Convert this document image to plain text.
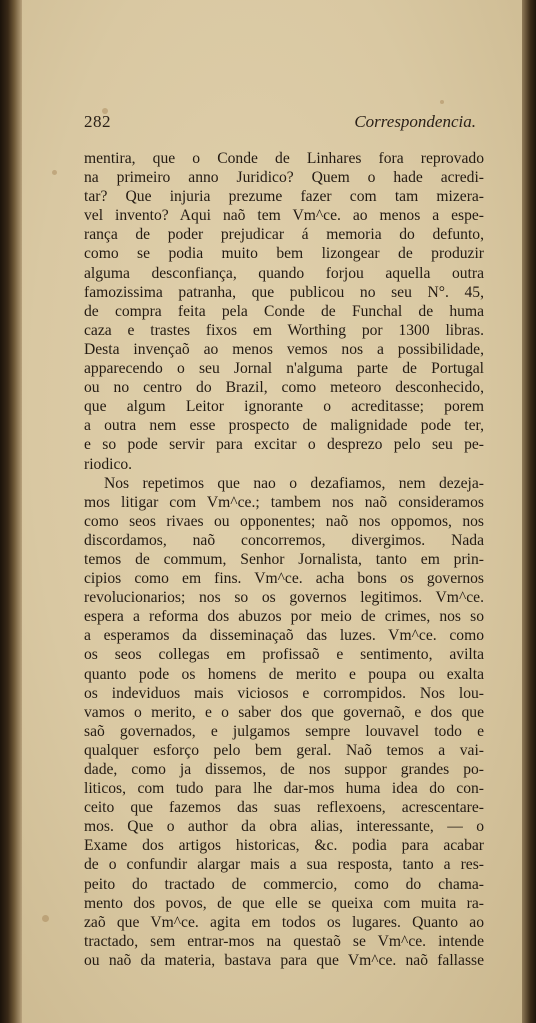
282	Correspondencia.
mentira, que o Conde de Linhares fora reprovado
na primeiro anno Juridico? Quem o hade acredi-
tar? Que injuria prezume fazer com tam mizera-
vel invento? Aqui naõ tem Vm^ce. ao menos a espe-
rança de poder prejudicar á memoria do defunto,
como se podia muito bem lizongear de produzir
alguma desconfiança, quando forjou aquella outra
famozissima patranha, que publicou no seu N°. 45,
de compra feita pela Conde de Funchal de huma
caza e trastes fixos em Worthing por 1300 libras.
Desta invençaõ ao menos vemos nos a possibilidade,
apparecendo o seu Jornal n'alguma parte de Portugal
ou no centro do Brazil, como meteoro desconhecido,
que algum Leitor ignorante o acreditasse; porem
a outra nem esse prospecto de malignidade pode ter,
e so pode servir para excitar o desprezo pelo seu pe-
riodico.
Nos repetimos que nao o dezafiamos, nem dezeja-
mos litigar com Vm^ce.; tambem nos naõ consideramos
como seos rivaes ou opponentes; naõ nos oppomos, nos
discordamos, naõ concorremos, divergimos. Nada
temos de commum, Senhor Jornalista, tanto em prin-
cipios como em fins. Vm^ce. acha bons os governos
revolucionarios; nos so os governos legitimos. Vm^ce.
espera a reforma dos abuzos por meio de crimes, nos so
a esperamos da disseminaçaõ das luzes. Vm^ce. como
os seos collegas em profissaõ e sentimento, avilta
quanto pode os homens de merito e poupa ou exalta
os indeviduos mais viciosos e corrompidos. Nos lou-
vamos o merito, e o saber dos que governaõ, e dos que
saõ governados, e julgamos sempre louvavel todo e
qualquer esforço pelo bem geral. Naõ temos a vai-
dade, como ja dissemos, de nos suppor grandes po-
liticos, com tudo para lhe dar-mos huma idea do con-
ceito que fazemos das suas reflexoens, acrescentare-
mos. Que o author da obra alias, interessante, — o
Exame dos artigos historicas, &c. podia para acabar
de o confundir alargar mais a sua resposta, tanto a res-
peito do tractado de commercio, como do chama-
mento dos povos, de que elle se queixa com muita ra-
zaõ que Vm^ce. agita em todos os lugares. Quanto ao
tractado, sem entrar-mos na questaõ se Vm^ce. intende
ou naõ da materia, bastava para que Vm^ce. naõ fallasse
